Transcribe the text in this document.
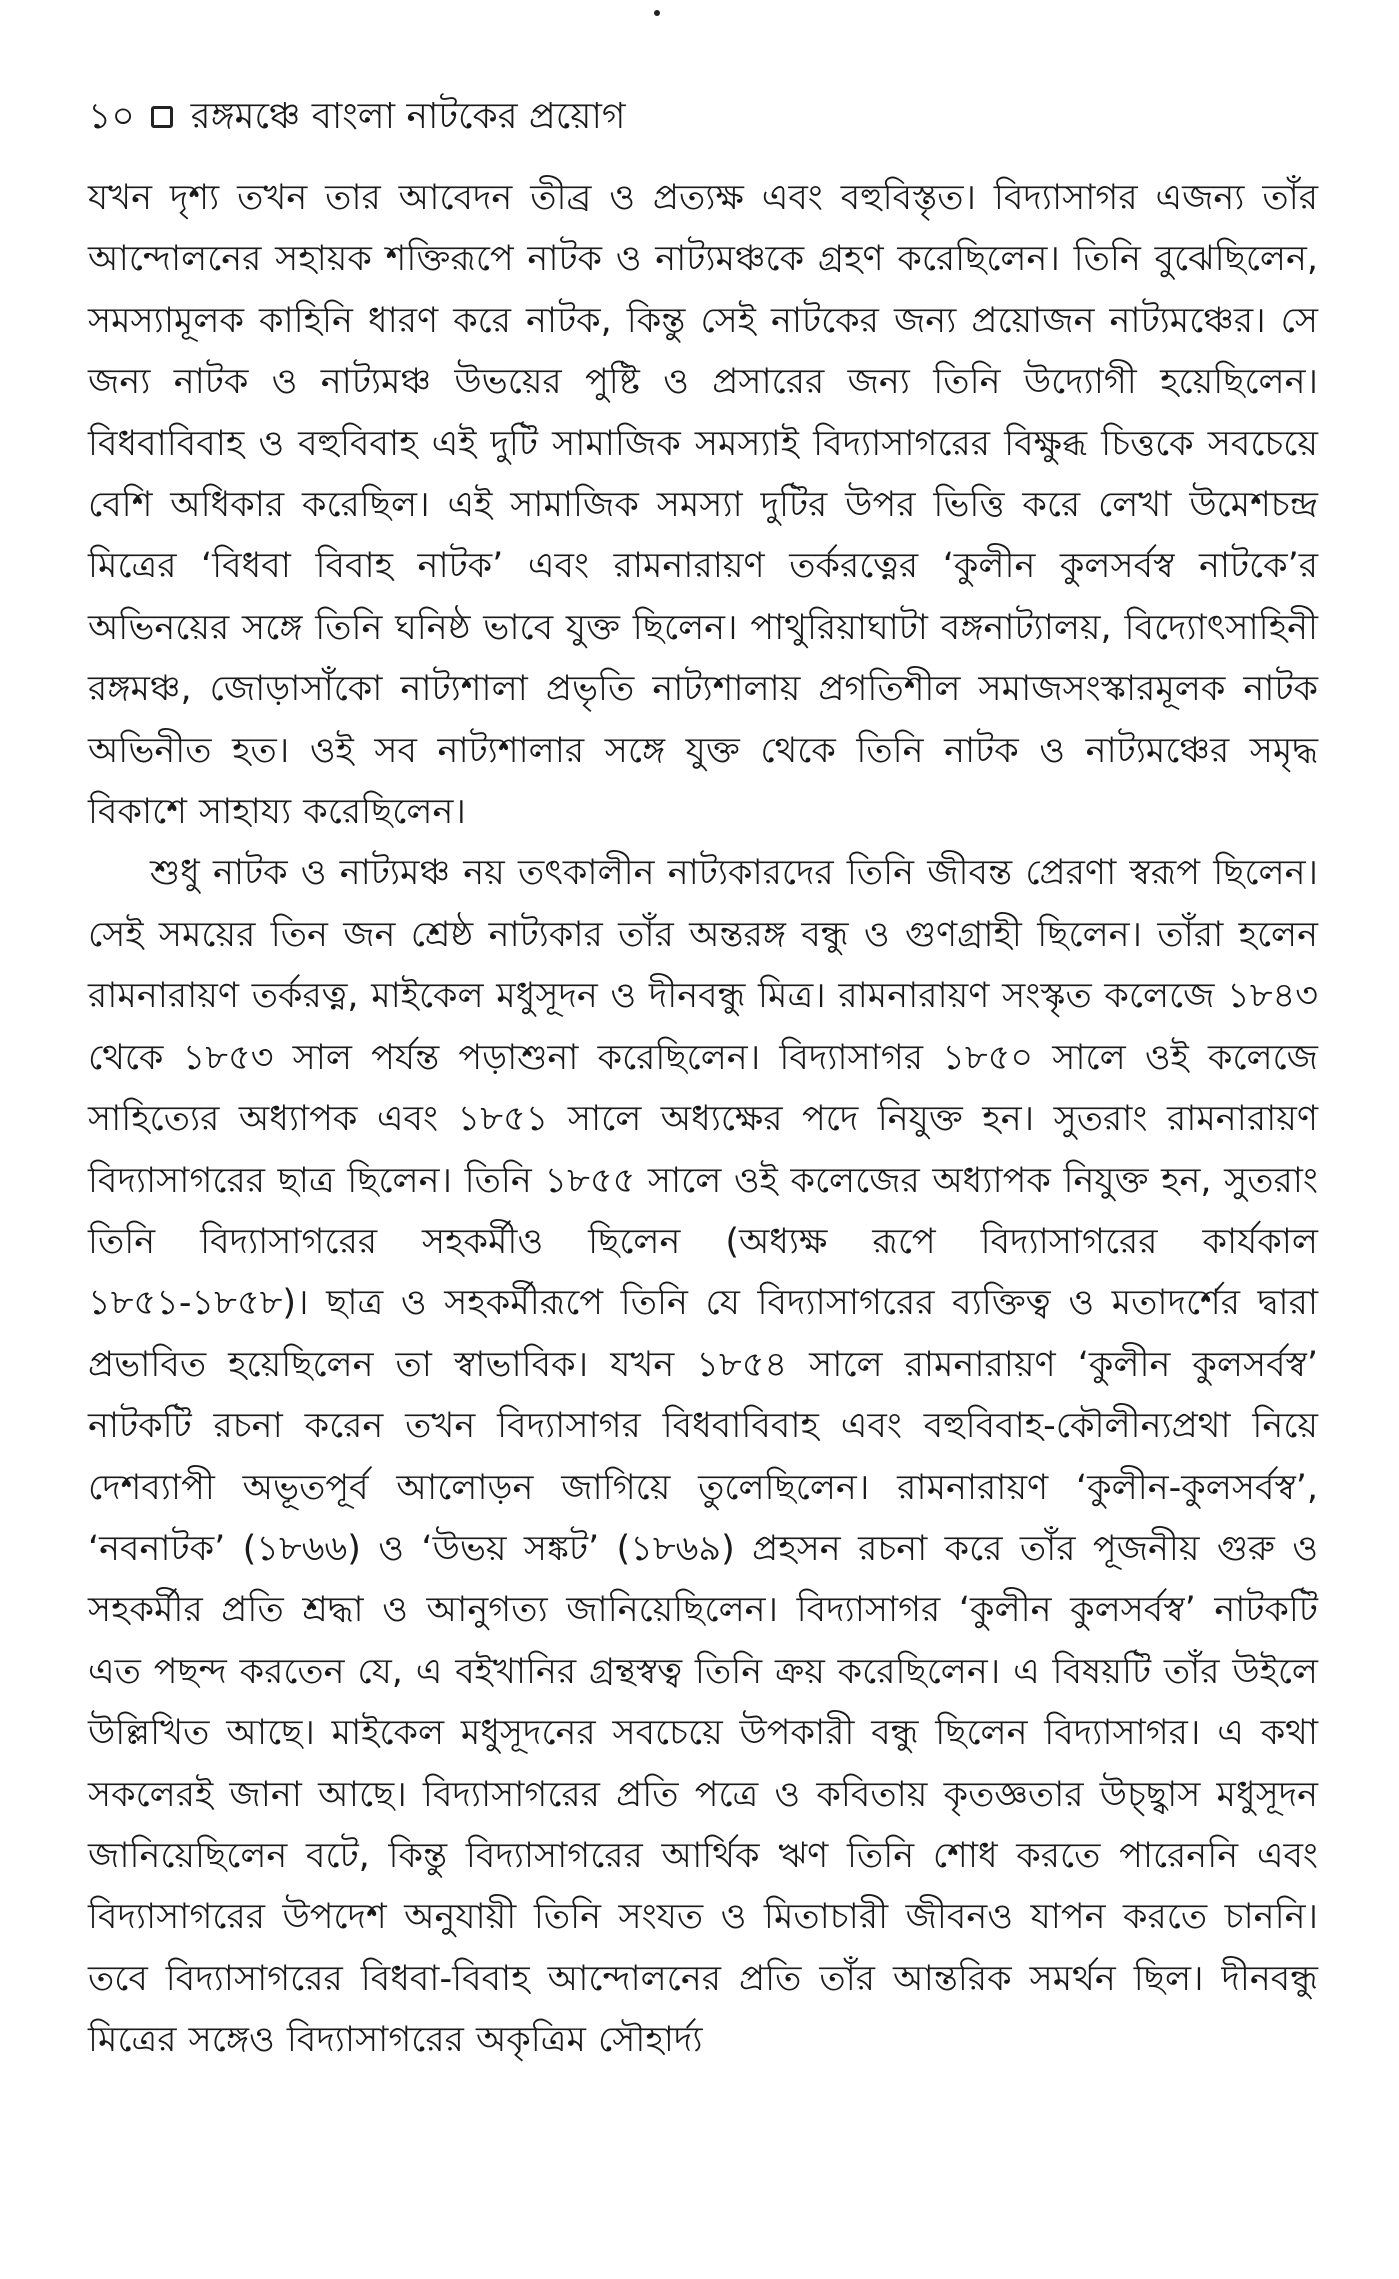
১০ রঙ্গমঞ্চে বাংলা নাটকের প্রয়োগ

যখন দৃশ্য তখন তার আবেদন তীব্র ও প্রত্যক্ষ এবং বহুবিস্তৃত। বিদ্যাসাগর এজন্য তাঁর আন্দোলনের সহায়ক শক্তিরূপে নাটক ও নাট্যমঞ্চকে গ্রহণ করেছিলেন। তিনি বুঝেছিলেন, সমস্যামূলক কাহিনি ধারণ করে নাটক, কিন্তু সেই নাটকের জন্য প্রয়োজন নাট্যমঞ্চের। সে জন্য নাটক ও নাট্যমঞ্চ উভয়ের পুষ্টি ও প্রসারের জন্য তিনি উদ্যোগী হয়েছিলেন। বিধবাবিবাহ ও বহুবিবাহ এই দুটি সামাজিক সমস্যাই বিদ্যাসাগরের বিক্ষুব্ধ চিত্তকে সবচেয়ে বেশি অধিকার করেছিল। এই সামাজিক সমস্যা দুটির উপর ভিত্তি করে লেখা উমেশচন্দ্র মিত্রের ‘বিধবা বিবাহ নাটক’ এবং রামনারায়ণ তর্করত্নের ‘কুলীন কুলসর্বস্ব নাটকে’র অভিনয়ের সঙ্গে তিনি ঘনিষ্ঠ ভাবে যুক্ত ছিলেন। পাথুরিয়াঘাটা বঙ্গনাট্যালয়, বিদ্যোৎসাহিনী রঙ্গমঞ্চ, জোড়াসাঁকো নাট্যশালা প্রভৃতি নাট্যশালায় প্রগতিশীল সমাজসংস্কারমূলক নাটক অভিনীত হত। ওই সব নাট্যশালার সঙ্গে যুক্ত থেকে তিনি নাটক ও নাট্যমঞ্চের সমৃদ্ধ বিকাশে সাহায্য করেছিলেন।

শুধু নাটক ও নাট্যমঞ্চ নয় তৎকালীন নাট্যকারদের তিনি জীবন্ত প্রেরণা স্বরূপ ছিলেন। সেই সময়ের তিন জন শ্রেষ্ঠ নাট্যকার তাঁর অন্তরঙ্গ বন্ধু ও গুণগ্রাহী ছিলেন। তাঁরা হলেন রামনারায়ণ তর্করত্ন, মাইকেল মধুসূদন ও দীনবন্ধু মিত্র। রামনারায়ণ সংস্কৃত কলেজে ১৮৪৩ থেকে ১৮৫৩ সাল পর্যন্ত পড়াশুনা করেছিলেন। বিদ্যাসাগর ১৮৫০ সালে ওই কলেজে সাহিত্যের অধ্যাপক এবং ১৮৫১ সালে অধ্যক্ষের পদে নিযুক্ত হন। সুতরাং রামনারায়ণ বিদ্যাসাগরের ছাত্র ছিলেন। তিনি ১৮৫৫ সালে ওই কলেজের অধ্যাপক নিযুক্ত হন, সুতরাং তিনি বিদ্যাসাগরের সহকর্মীও ছিলেন (অধ্যক্ষ রূপে বিদ্যাসাগরের কার্যকাল ১৮৫১-১৮৫৮)। ছাত্র ও সহকর্মীরূপে তিনি যে বিদ্যাসাগরের ব্যক্তিত্ব ও মতাদর্শের দ্বারা প্রভাবিত হয়েছিলেন তা স্বাভাবিক। যখন ১৮৫৪ সালে রামনারায়ণ ‘কুলীন কুলসর্বস্ব’ নাটকটি রচনা করেন তখন বিদ্যাসাগর বিধবাবিবাহ এবং বহুবিবাহ-কৌলীন্যপ্রথা নিয়ে দেশব্যাপী অভূতপূর্ব আলোড়ন জাগিয়ে তুলেছিলেন। রামনারায়ণ ‘কুলীন-কুলসর্বস্ব’, ‘নবনাটক’ (১৮৬৬) ও ‘উভয় সঙ্কট’ (১৮৬৯) প্রহসন রচনা করে তাঁর পূজনীয় গুরু ও সহকর্মীর প্রতি শ্রদ্ধা ও আনুগত্য জানিয়েছিলেন। বিদ্যাসাগর ‘কুলীন কুলসর্বস্ব’ নাটকটি এত পছন্দ করতেন যে, এ বইখানির গ্রন্থস্বত্ব তিনি ক্রয় করেছিলেন। এ বিষয়টি তাঁর উইলে উল্লিখিত আছে। মাইকেল মধুসূদনের সবচেয়ে উপকারী বন্ধু ছিলেন বিদ্যাসাগর। এ কথা সকলেরই জানা আছে। বিদ্যাসাগরের প্রতি পত্রে ও কবিতায় কৃতজ্ঞতার উচ্ছ্বাস মধুসূদন জানিয়েছিলেন বটে, কিন্তু বিদ্যাসাগরের আর্থিক ঋণ তিনি শোধ করতে পারেননি এবং বিদ্যাসাগরের উপদেশ অনুযায়ী তিনি সংযত ও মিতাচারী জীবনও যাপন করতে চাননি। তবে বিদ্যাসাগরের বিধবা-বিবাহ আন্দোলনের প্রতি তাঁর আন্তরিক সমর্থন ছিল। দীনবন্ধু মিত্রের সঙ্গেও বিদ্যাসাগরের অকৃত্রিম সৌহার্দ্য
